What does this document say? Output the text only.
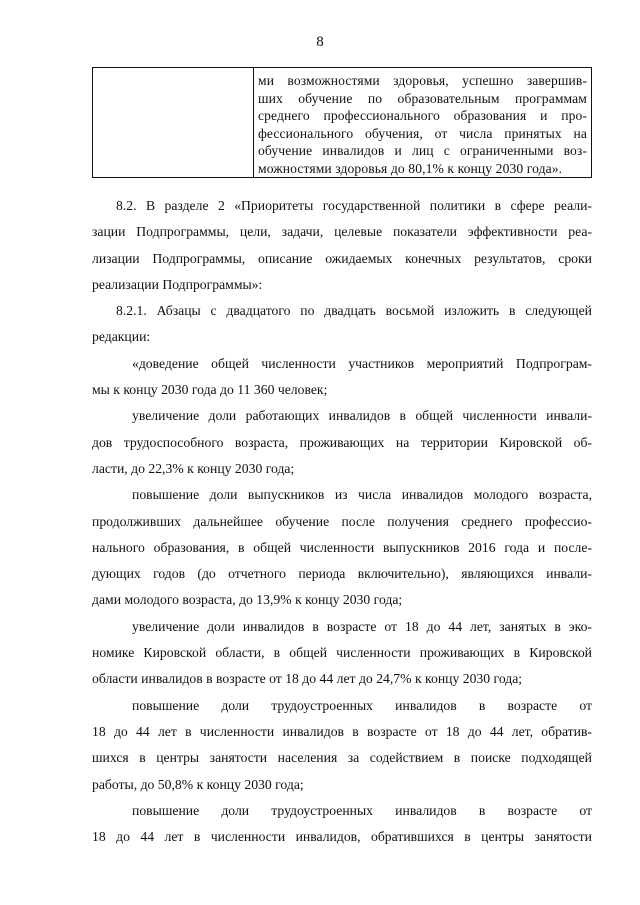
8
ми возможностями здоровья, успешно завершив-
ших обучение по образовательным программам
среднего профессионального образования и про-
фессионального обучения, от числа принятых на
обучение инвалидов и лиц с ограниченными воз-
можностями здоровья до 80,1% к концу 2030 года».
8.2. В разделе 2 «Приоритеты государственной политики в сфере реали-
зации Подпрограммы, цели, задачи, целевые показатели эффективности реа-
лизации Подпрограммы, описание ожидаемых конечных результатов, сроки
реализации Подпрограммы»:
8.2.1. Абзацы с двадцатого по двадцать восьмой изложить в следующей
редакции:
«доведение общей численности участников мероприятий Подпрограм-
мы к концу 2030 года до 11 360 человек;
увеличение доли работающих инвалидов в общей численности инвали-
дов трудоспособного возраста, проживающих на территории Кировской об-
ласти, до 22,3% к концу 2030 года;
повышение доли выпускников из числа инвалидов молодого возраста,
продолживших дальнейшее обучение после получения среднего профессио-
нального образования, в общей численности выпускников 2016 года и после-
дующих годов (до отчетного периода включительно), являющихся инвали-
дами молодого возраста, до 13,9% к концу 2030 года;
увеличение доли инвалидов в возрасте от 18 до 44 лет, занятых в эко-
номике Кировской области, в общей численности проживающих в Кировской
области инвалидов в возрасте от 18 до 44 лет до 24,7% к концу 2030 года;
повышение доли трудоустроенных инвалидов в возрасте от
18 до 44 лет в численности инвалидов в возрасте от 18 до 44 лет, обратив-
шихся в центры занятости населения за содействием в поиске подходящей
работы, до 50,8% к концу 2030 года;
повышение доли трудоустроенных инвалидов в возрасте от
18 до 44 лет в численности инвалидов, обратившихся в центры занятости
